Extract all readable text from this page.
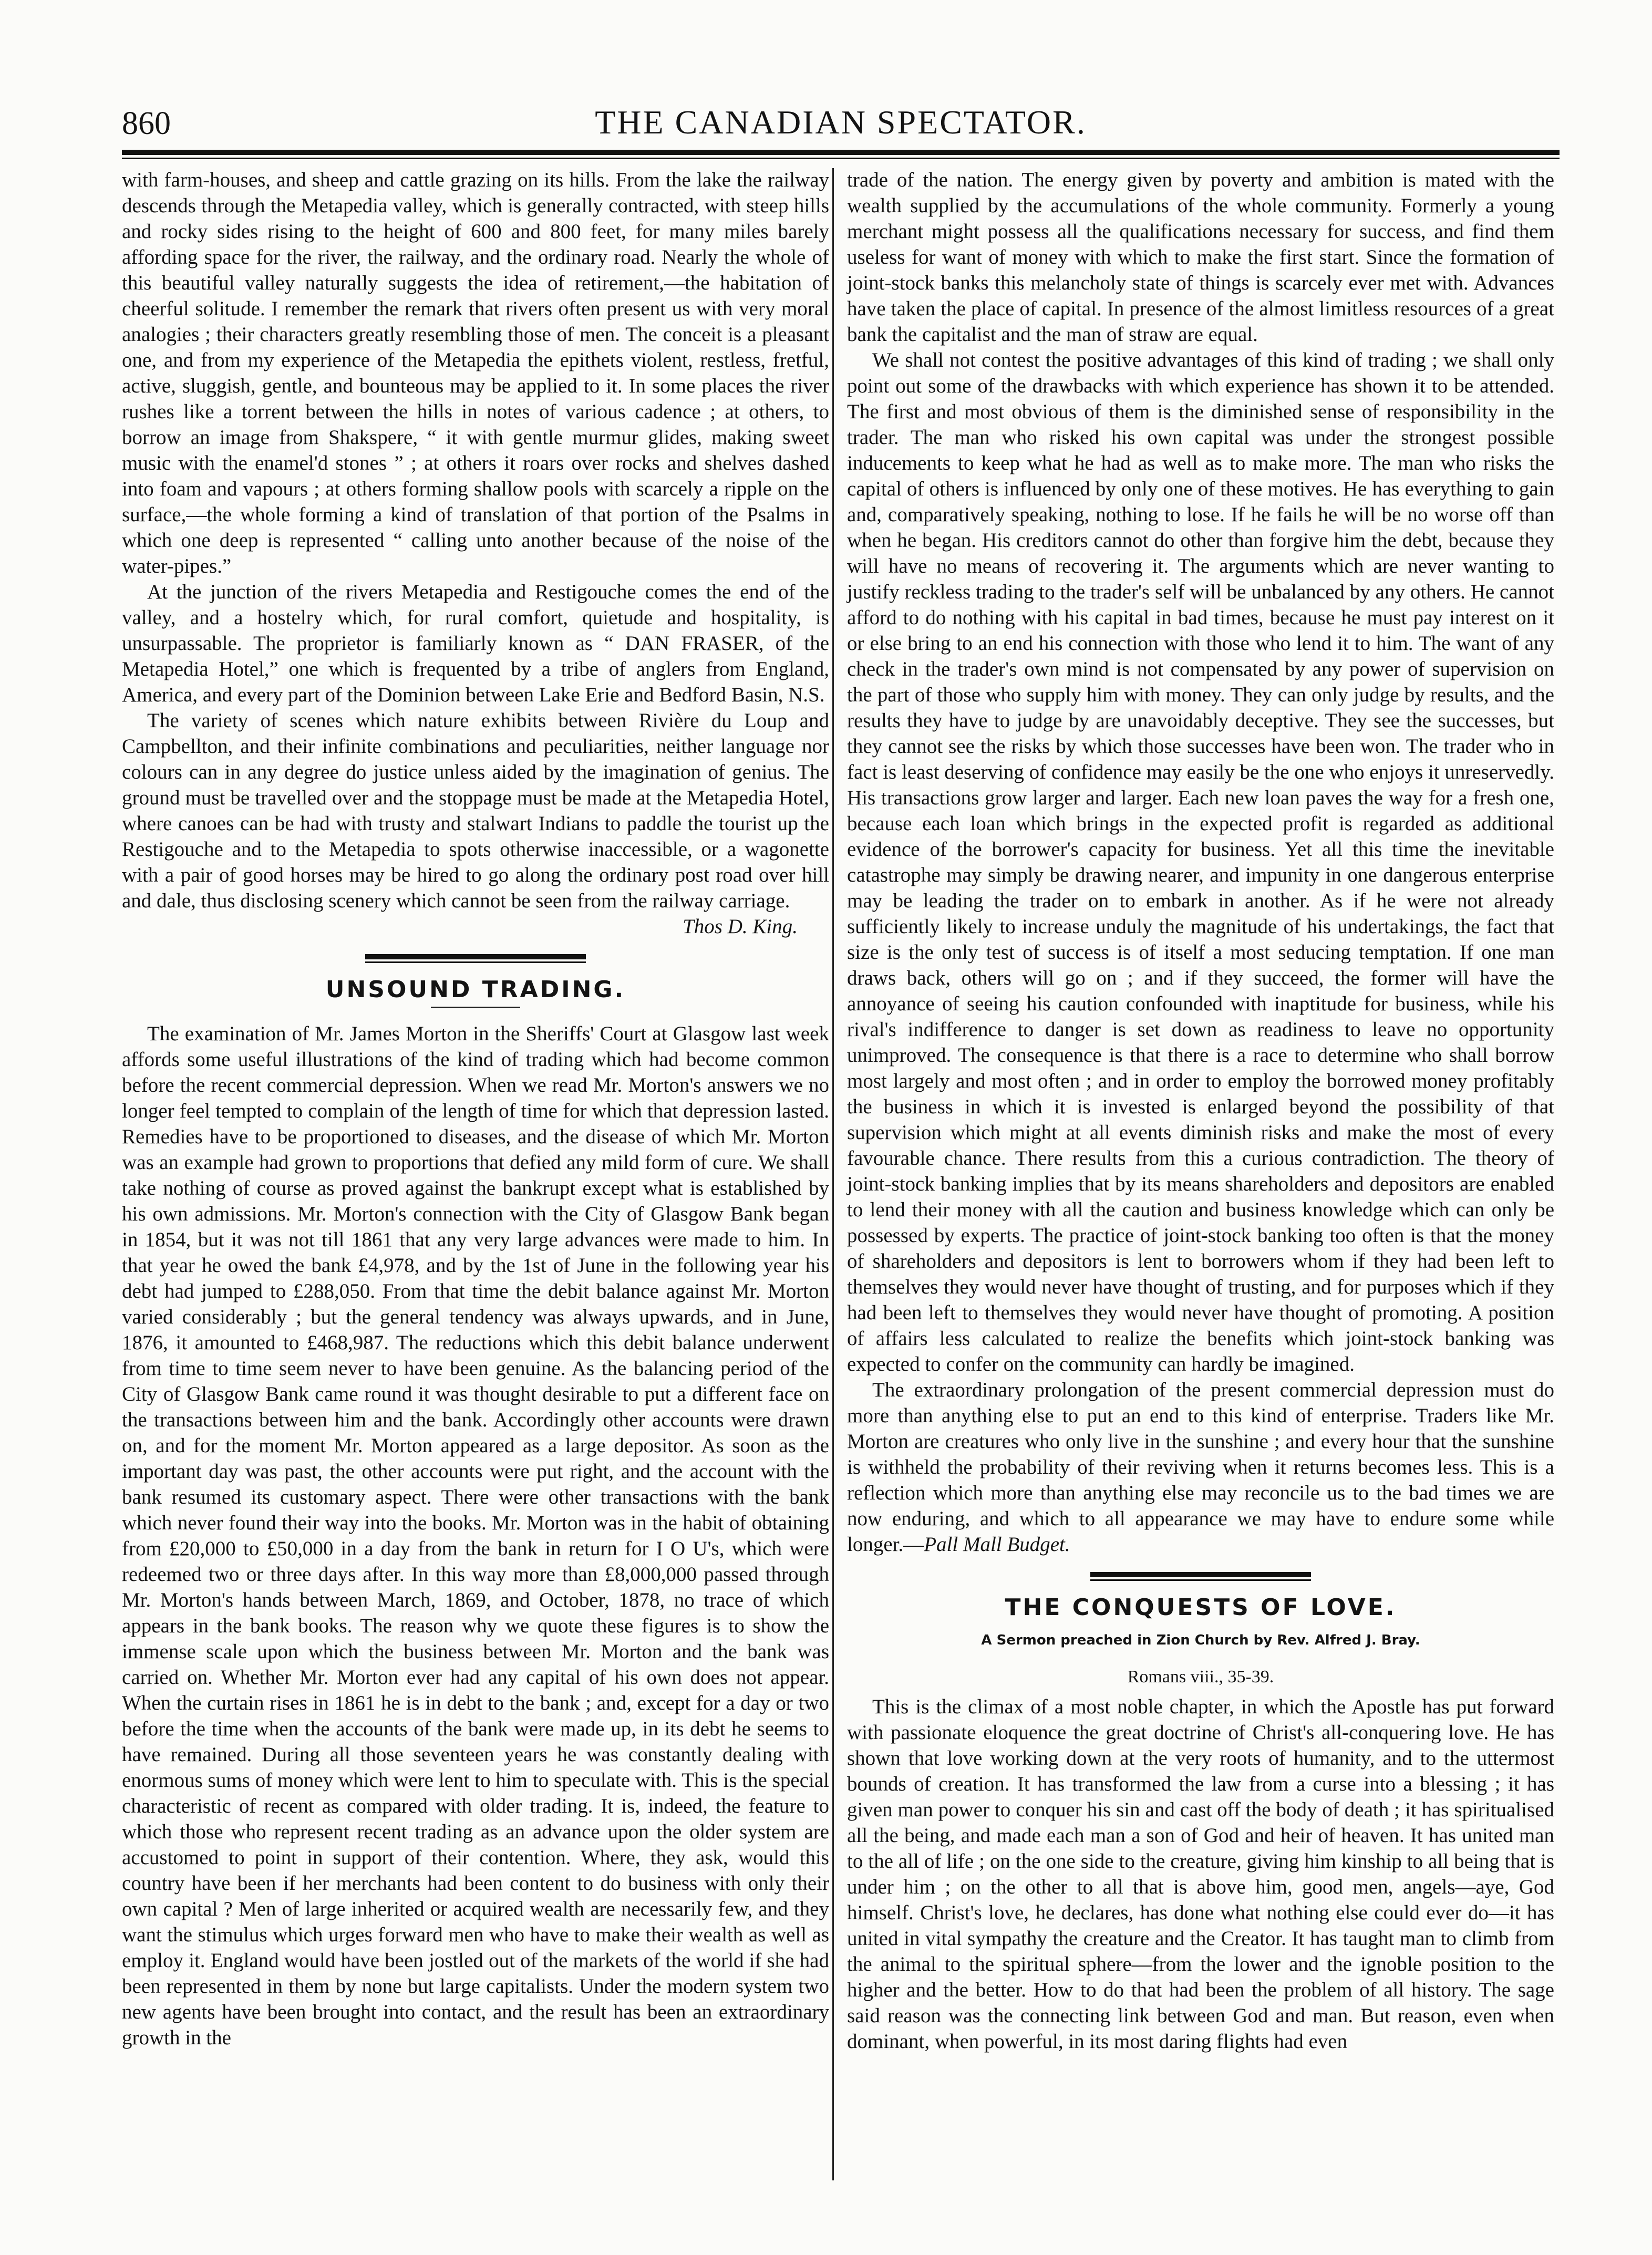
860	THE CANADIAN SPECTATOR.

with farm-houses, and sheep and cattle grazing on its hills. From the lake the railway descends through the Metapedia valley, which is generally contracted, with steep hills and rocky sides rising to the height of 600 and 800 feet, for many miles barely affording space for the river, the railway, and the ordinary road. Nearly the whole of this beautiful valley naturally suggests the idea of retirement,—the habitation of cheerful solitude. I remember the remark that rivers often present us with very moral analogies ; their characters greatly resembling those of men. The conceit is a pleasant one, and from my experience of the Metapedia the epithets violent, restless, fretful, active, sluggish, gentle, and bounteous may be applied to it. In some places the river rushes like a torrent between the hills in notes of various cadence ; at others, to borrow an image from Shakspere, “ it with gentle murmur glides, making sweet music with the enamel'd stones ” ; at others it roars over rocks and shelves dashed into foam and vapours ; at others forming shallow pools with scarcely a ripple on the surface,—the whole forming a kind of translation of that portion of the Psalms in which one deep is represented “ calling unto another because of the noise of the water-pipes.”

At the junction of the rivers Metapedia and Restigouche comes the end of the valley, and a hostelry which, for rural comfort, quietude and hospitality, is unsurpassable. The proprietor is familiarly known as “ DAN FRASER, of the Metapedia Hotel,” one which is frequented by a tribe of anglers from England, America, and every part of the Dominion between Lake Erie and Bedford Basin, N.S.

The variety of scenes which nature exhibits between Rivière du Loup and Campbellton, and their infinite combinations and peculiarities, neither language nor colours can in any degree do justice unless aided by the imagination of genius. The ground must be travelled over and the stoppage must be made at the Metapedia Hotel, where canoes can be had with trusty and stalwart Indians to paddle the tourist up the Restigouche and to the Metapedia to spots otherwise inaccessible, or a wagonette with a pair of good horses may be hired to go along the ordinary post road over hill and dale, thus disclosing scenery which cannot be seen from the railway carriage.

Thos D. King.
UNSOUND TRADING.

The examination of Mr. James Morton in the Sheriffs' Court at Glasgow last week affords some useful illustrations of the kind of trading which had become common before the recent commercial depression. When we read Mr. Morton's answers we no longer feel tempted to complain of the length of time for which that depression lasted. Remedies have to be proportioned to diseases, and the disease of which Mr. Morton was an example had grown to proportions that defied any mild form of cure. We shall take nothing of course as proved against the bankrupt except what is established by his own admissions. Mr. Morton's connection with the City of Glasgow Bank began in 1854, but it was not till 1861 that any very large advances were made to him. In that year he owed the bank £4,978, and by the 1st of June in the following year his debt had jumped to £288,050. From that time the debit balance against Mr. Morton varied considerably ; but the general tendency was always upwards, and in June, 1876, it amounted to £468,987. The reductions which this debit balance underwent from time to time seem never to have been genuine. As the balancing period of the City of Glasgow Bank came round it was thought desirable to put a different face on the transactions between him and the bank. Accordingly other accounts were drawn on, and for the moment Mr. Morton appeared as a large depositor. As soon as the important day was past, the other accounts were put right, and the account with the bank resumed its customary aspect. There were other transactions with the bank which never found their way into the books. Mr. Morton was in the habit of obtaining from £20,000 to £50,000 in a day from the bank in return for I O U's, which were redeemed two or three days after. In this way more than £8,000,000 passed through Mr. Morton's hands between March, 1869, and October, 1878, no trace of which appears in the bank books. The reason why we quote these figures is to show the immense scale upon which the business between Mr. Morton and the bank was carried on. Whether Mr. Morton ever had any capital of his own does not appear. When the curtain rises in 1861 he is in debt to the bank ; and, except for a day or two before the time when the accounts of the bank were made up, in its debt he seems to have remained. During all those seventeen years he was constantly dealing with enormous sums of money which were lent to him to speculate with. This is the special characteristic of recent as compared with older trading. It is, indeed, the feature to which those who represent recent trading as an advance upon the older system are accustomed to point in support of their contention. Where, they ask, would this country have been if her merchants had been content to do business with only their own capital ? Men of large inherited or acquired wealth are necessarily few, and they want the stimulus which urges forward men who have to make their wealth as well as employ it. England would have been jostled out of the markets of the world if she had been represented in them by none but large capitalists. Under the modern system two new agents have been brought into contact, and the result has been an extraordinary growth in the

trade of the nation. The energy given by poverty and ambition is mated with the wealth supplied by the accumulations of the whole community. Formerly a young merchant might possess all the qualifications necessary for success, and find them useless for want of money with which to make the first start. Since the formation of joint-stock banks this melancholy state of things is scarcely ever met with. Advances have taken the place of capital. In presence of the almost limitless resources of a great bank the capitalist and the man of straw are equal.

We shall not contest the positive advantages of this kind of trading ; we shall only point out some of the drawbacks with which experience has shown it to be attended. The first and most obvious of them is the diminished sense of responsibility in the trader. The man who risked his own capital was under the strongest possible inducements to keep what he had as well as to make more. The man who risks the capital of others is influenced by only one of these motives. He has everything to gain and, comparatively speaking, nothing to lose. If he fails he will be no worse off than when he began. His creditors cannot do other than forgive him the debt, because they will have no means of recovering it. The arguments which are never wanting to justify reckless trading to the trader's self will be unbalanced by any others. He cannot afford to do nothing with his capital in bad times, because he must pay interest on it or else bring to an end his connection with those who lend it to him. The want of any check in the trader's own mind is not compensated by any power of supervision on the part of those who supply him with money. They can only judge by results, and the results they have to judge by are unavoidably deceptive. They see the successes, but they cannot see the risks by which those successes have been won. The trader who in fact is least deserving of confidence may easily be the one who enjoys it unreservedly. His transactions grow larger and larger. Each new loan paves the way for a fresh one, because each loan which brings in the expected profit is regarded as additional evidence of the borrower's capacity for business. Yet all this time the inevitable catastrophe may simply be drawing nearer, and impunity in one dangerous enterprise may be leading the trader on to embark in another. As if he were not already sufficiently likely to increase unduly the magnitude of his undertakings, the fact that size is the only test of success is of itself a most seducing temptation. If one man draws back, others will go on ; and if they succeed, the former will have the annoyance of seeing his caution confounded with inaptitude for business, while his rival's indifference to danger is set down as readiness to leave no opportunity unimproved. The consequence is that there is a race to determine who shall borrow most largely and most often ; and in order to employ the borrowed money profitably the business in which it is invested is enlarged beyond the possibility of that supervision which might at all events diminish risks and make the most of every favourable chance. There results from this a curious contradiction. The theory of joint-stock banking implies that by its means shareholders and depositors are enabled to lend their money with all the caution and business knowledge which can only be possessed by experts. The practice of joint-stock banking too often is that the money of shareholders and depositors is lent to borrowers whom if they had been left to themselves they would never have thought of trusting, and for purposes which if they had been left to themselves they would never have thought of promoting. A position of affairs less calculated to realize the benefits which joint-stock banking was expected to confer on the community can hardly be imagined.

The extraordinary prolongation of the present commercial depression must do more than anything else to put an end to this kind of enterprise. Traders like Mr. Morton are creatures who only live in the sunshine ; and every hour that the sunshine is withheld the probability of their reviving when it returns becomes less. This is a reflection which more than anything else may reconcile us to the bad times we are now enduring, and which to all appearance we may have to endure some while longer.—Pall Mall Budget.

THE CONQUESTS OF LOVE.
A Sermon preached in Zion Church by Rev. Alfred J. Bray.
Romans viii., 35-39.

This is the climax of a most noble chapter, in which the Apostle has put forward with passionate eloquence the great doctrine of Christ's all-conquering love. He has shown that love working down at the very roots of humanity, and to the uttermost bounds of creation. It has transformed the law from a curse into a blessing ; it has given man power to conquer his sin and cast off the body of death ; it has spiritualised all the being, and made each man a son of God and heir of heaven. It has united man to the all of life ; on the one side to the creature, giving him kinship to all being that is under him ; on the other to all that is above him, good men, angels—aye, God himself. Christ's love, he declares, has done what nothing else could ever do—it has united in vital sympathy the creature and the Creator. It has taught man to climb from the animal to the spiritual sphere—from the lower and the ignoble position to the higher and the better. How to do that had been the problem of all history. The sage said reason was the connecting link between God and man. But reason, even when dominant, when powerful, in its most daring flights had even
